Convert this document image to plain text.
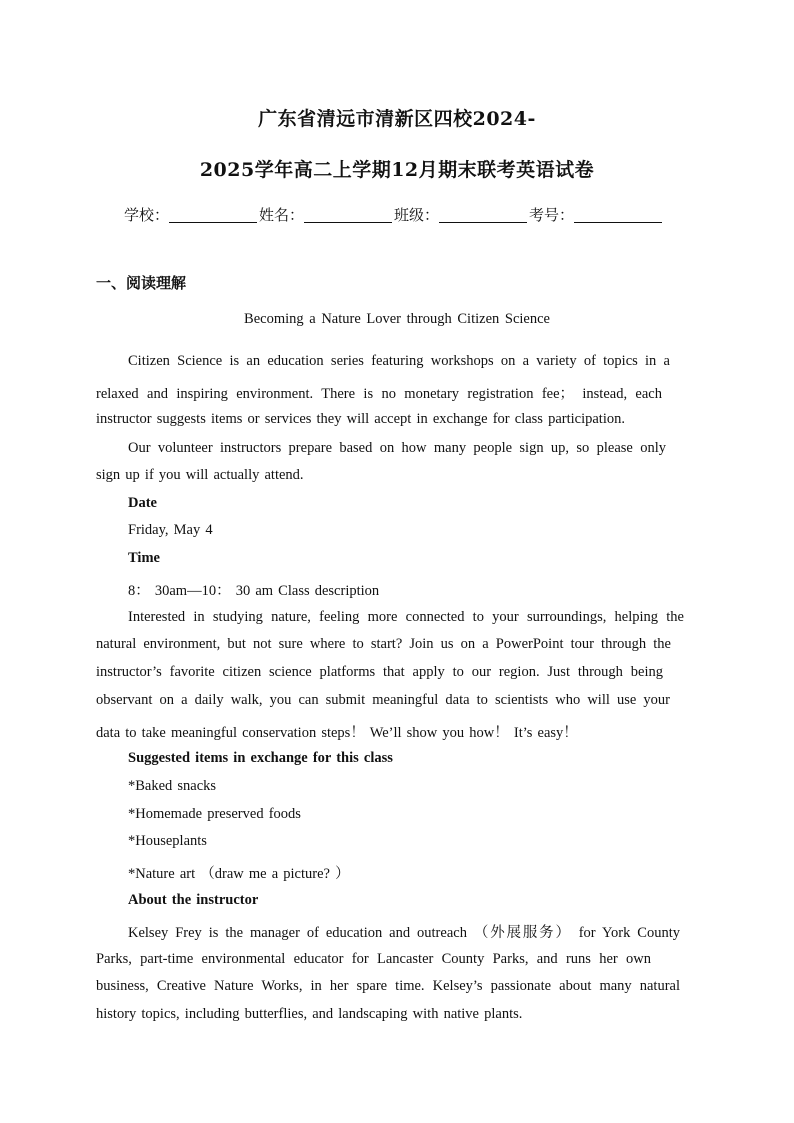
广东省清远市清新区四校2024-
2025学年高二上学期12月期末联考英语试卷
学校：	姓名：	班级：	考号：
一、阅读理解
Becoming a Nature Lover through Citizen Science
Citizen Science is an education series featuring workshops on a variety of topics in a
relaxed and inspiring environment. There is no monetary registration fee； instead, each
instructor suggests items or services they will accept in exchange for class participation.
Our volunteer instructors prepare based on how many people sign up, so please only
sign up if you will actually attend.
Date
Friday, May 4
Time
8： 30am—10： 30 am Class description
Interested in studying nature, feeling more connected to your surroundings, helping the
natural environment, but not sure where to start? Join us on a PowerPoint tour through the
instructor’s favorite citizen science platforms that apply to our region. Just through being
observant on a daily walk, you can submit meaningful data to scientists who will use your
data to take meaningful conservation steps！ We’ll show you how！ It’s easy！
Suggested items in exchange for this class
*Baked snacks
*Homemade preserved foods
*Houseplants
*Nature art （draw me a picture? ）
About the instructor
Kelsey Frey is the manager of education and outreach （外展服务） for York County
Parks, part-time environmental educator for Lancaster County Parks, and runs her own
business, Creative Nature Works, in her spare time. Kelsey’s passionate about many natural
history topics, including butterflies, and landscaping with native plants.
